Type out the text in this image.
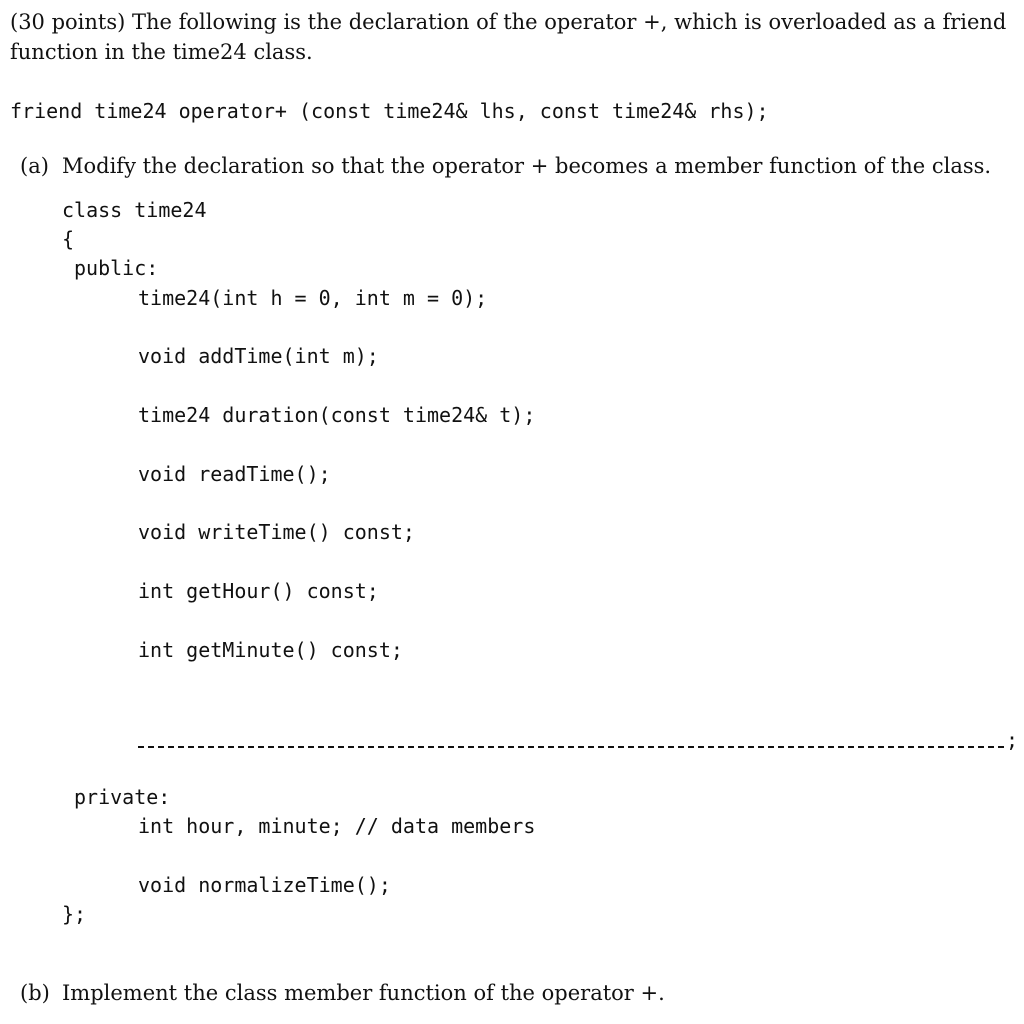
(30 points) The following is the declaration of the operator +, which is overloaded as a friend
function in the time24 class.
friend time24 operator+ (const time24& lhs, const time24& rhs);
(a) Modify the declaration so that the operator + becomes a member function of the class.
class time24
{
public:
time24(int h = 0, int m = 0);
void addTime(int m);
time24 duration(const time24& t);
void readTime();
void writeTime() const;
int getHour() const;
int getMinute() const;
;
private:
int hour, minute; // data members
void normalizeTime();
};
(b) Implement the class member function of the operator +.
